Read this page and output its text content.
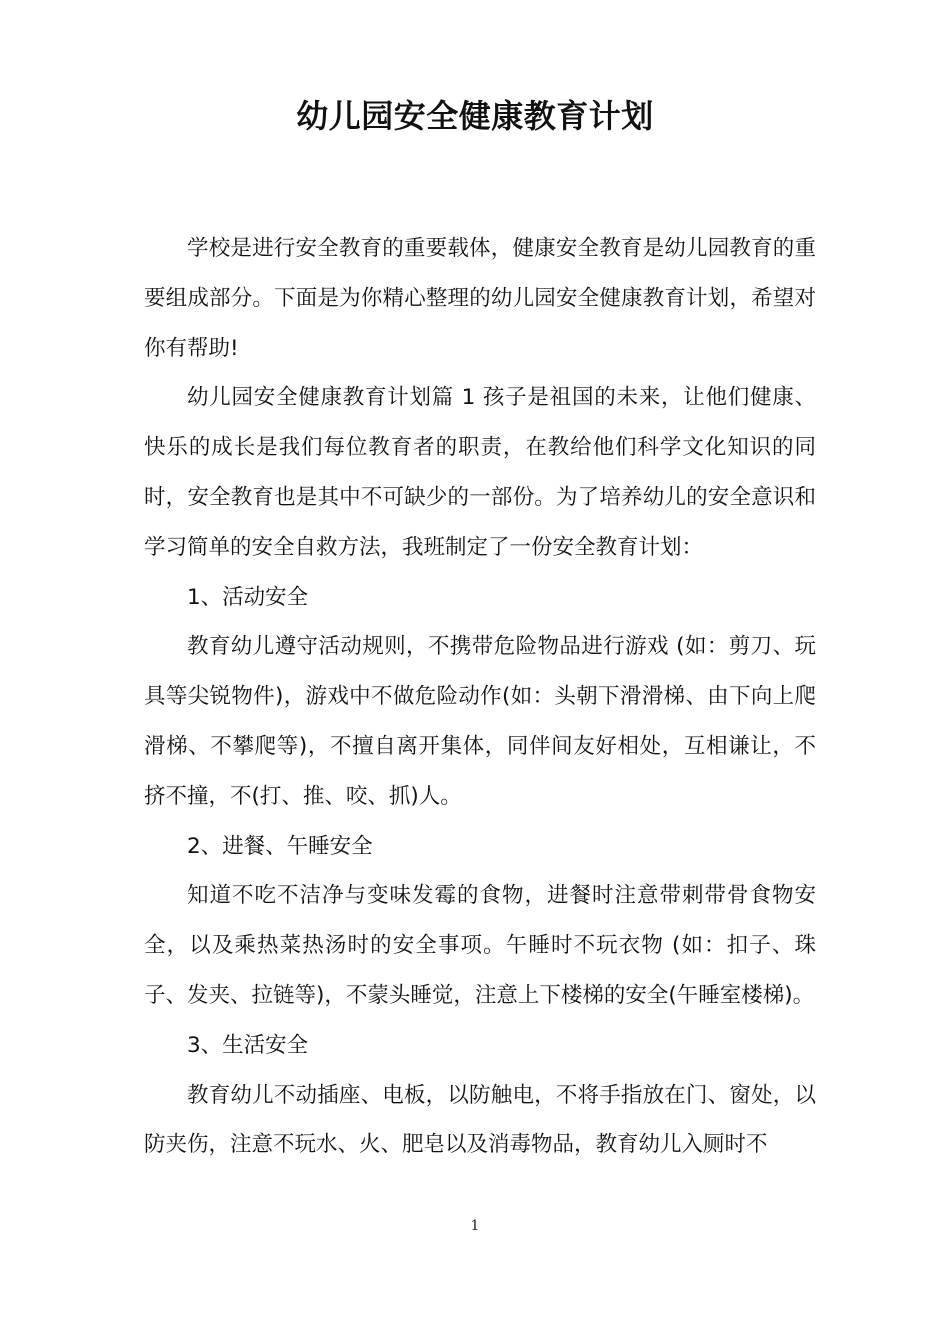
幼儿园安全健康教育计划

学校是进行安全教育的重要载体，健康安全教育是幼儿园教育的重要组成部分。下面是为你精心整理的幼儿园安全健康教育计划，希望对你有帮助!

幼儿园安全健康教育计划篇 1 孩子是祖国的未来，让他们健康、快乐的成长是我们每位教育者的职责，在教给他们科学文化知识的同时，安全教育也是其中不可缺少的一部份。为了培养幼儿的安全意识和学习简单的安全自救方法，我班制定了一份安全教育计划：

1、活动安全

教育幼儿遵守活动规则，不携带危险物品进行游戏 (如：剪刀、玩具等尖锐物件)，游戏中不做危险动作(如：头朝下滑滑梯、由下向上爬滑梯、不攀爬等)，不擅自离开集体，同伴间友好相处，互相谦让，不挤不撞，不(打、推、咬、抓)人。

2、进餐、午睡安全

知道不吃不洁净与变味发霉的食物，进餐时注意带刺带骨食物安全，以及乘热菜热汤时的安全事项。午睡时不玩衣物 (如：扣子、珠子、发夹、拉链等)，不蒙头睡觉，注意上下楼梯的安全(午睡室楼梯)。

3、生活安全

教育幼儿不动插座、电板，以防触电，不将手指放在门、窗处，以防夹伤，注意不玩水、火、肥皂以及消毒物品，教育幼儿入厕时不

1
